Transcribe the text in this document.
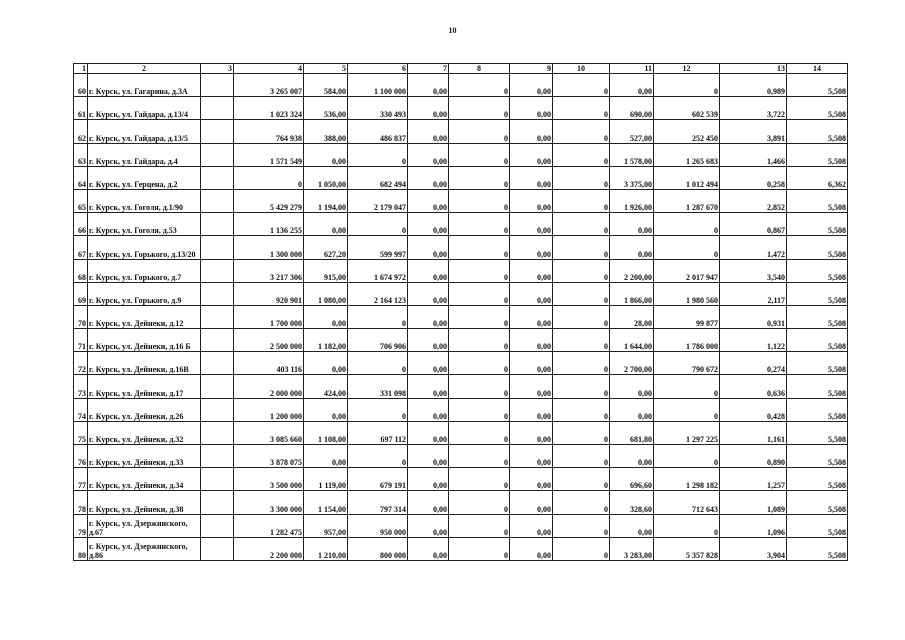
10
1	2	3	4	5	6	7	8	9	10	11	12	13	14
60	г. Курск, ул. Гагарина, д.3А		3 265 007	584,00	1 100 000	0,00	0	0,00	0	0,00	0	0,989	5,508
61	г. Курск, ул. Гайдара, д.13/4		1 023 324	536,00	330 493	0,00	0	0,00	0	690,00	602 539	3,722	5,508
62	г. Курск, ул. Гайдара, д.13/5		764 938	388,00	486 837	0,00	0	0,00	0	527,00	252 450	3,891	5,508
63	г. Курск, ул. Гайдара, д.4		1 571 549	0,00	0	0,00	0	0,00	0	1 578,00	1 265 683	1,466	5,508
64	г. Курск, ул. Герцена, д.2		0	1 050,00	682 494	0,00	0	0,00	0	3 375,00	1 012 494	0,258	6,362
65	г. Курск, ул. Гоголя, д.1/90		5 429 279	1 194,00	2 179 047	0,00	0	0,00	0	1 926,00	1 287 670	2,852	5,508
66	г. Курск, ул. Гоголя, д.53		1 136 255	0,00	0	0,00	0	0,00	0	0,00	0	0,867	5,508
67	г. Курск, ул. Горького, д.13/20		1 300 000	627,20	599 997	0,00	0	0,00	0	0,00	0	1,472	5,508
68	г. Курск, ул. Горького, д.7		3 217 306	915,00	1 674 972	0,00	0	0,00	0	2 200,00	2 017 947	3,540	5,508
69	г. Курск, ул. Горького, д.9		920 901	1 080,00	2 164 123	0,00	0	0,00	0	1 866,00	1 980 560	2,117	5,508
70	г. Курск, ул. Дейнеки, д.12		1 700 000	0,00	0	0,00	0	0,00	0	28,00	99 877	0,931	5,508
71	г. Курск, ул. Дейнеки, д.16 Б		2 500 000	1 182,00	706 906	0,00	0	0,00	0	1 644,00	1 786 000	1,122	5,508
72	г. Курск, ул. Дейнеки, д.16В		403 116	0,00	0	0,00	0	0,00	0	2 700,00	790 672	0,274	5,508
73	г. Курск, ул. Дейнеки, д.17		2 000 000	424,00	331 098	0,00	0	0,00	0	0,00	0	0,636	5,508
74	г. Курск, ул. Дейнеки, д.26		1 200 000	0,00	0	0,00	0	0,00	0	0,00	0	0,428	5,508
75	г. Курск, ул. Дейнеки, д.32		3 085 660	1 108,00	697 112	0,00	0	0,00	0	681,80	1 297 225	1,161	5,508
76	г. Курск, ул. Дейнеки, д.33		3 878 075	0,00	0	0,00	0	0,00	0	0,00	0	0,890	5,508
77	г. Курск, ул. Дейнеки, д.34		3 500 000	1 119,00	679 191	0,00	0	0,00	0	696,60	1 298 182	1,257	5,508
78	г. Курск, ул. Дейнеки, д.38		3 300 000	1 154,00	797 314	0,00	0	0,00	0	328,60	712 643	1,089	5,508
79	г. Курск, ул. Дзержинского, д.67		1 282 475	957,00	950 000	0,00	0	0,00	0	0,00	0	1,096	5,508
80	г. Курск, ул. Дзержинского, д.86		2 200 000	1 210,00	800 000	0,00	0	0,00	0	3 283,00	5 357 828	3,904	5,508
